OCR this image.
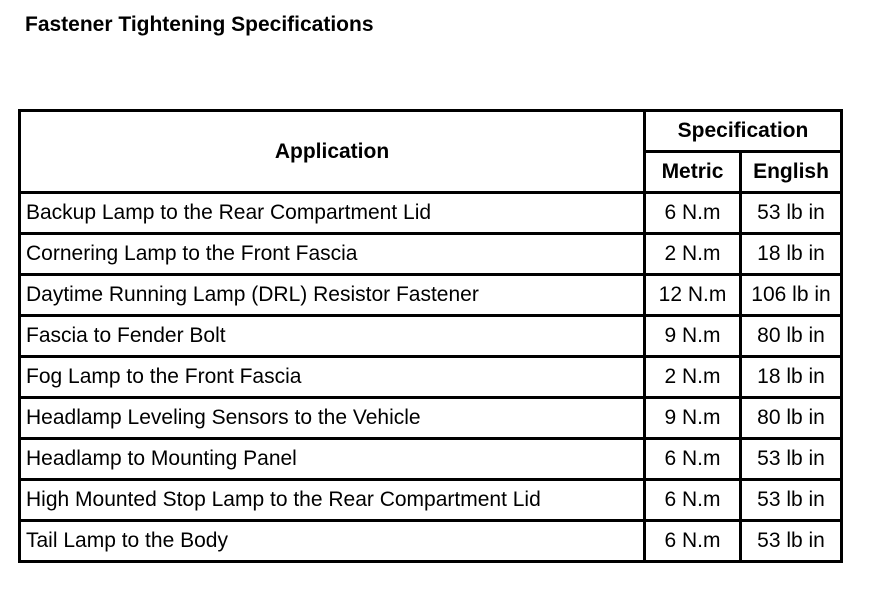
Fastener Tightening Specifications
Application	Specification	
	Metric	English
Backup Lamp to the Rear Compartment Lid	6 N.m	53 lb in
Cornering Lamp to the Front Fascia	2 N.m	18 lb in
Daytime Running Lamp (DRL) Resistor Fastener	12 N.m	106 lb in
Fascia to Fender Bolt	9 N.m	80 lb in
Fog Lamp to the Front Fascia	2 N.m	18 lb in
Headlamp Leveling Sensors to the Vehicle	9 N.m	80 lb in
Headlamp to Mounting Panel	6 N.m	53 lb in
High Mounted Stop Lamp to the Rear Compartment Lid	6 N.m	53 lb in
Tail Lamp to the Body	6 N.m	53 lb in
